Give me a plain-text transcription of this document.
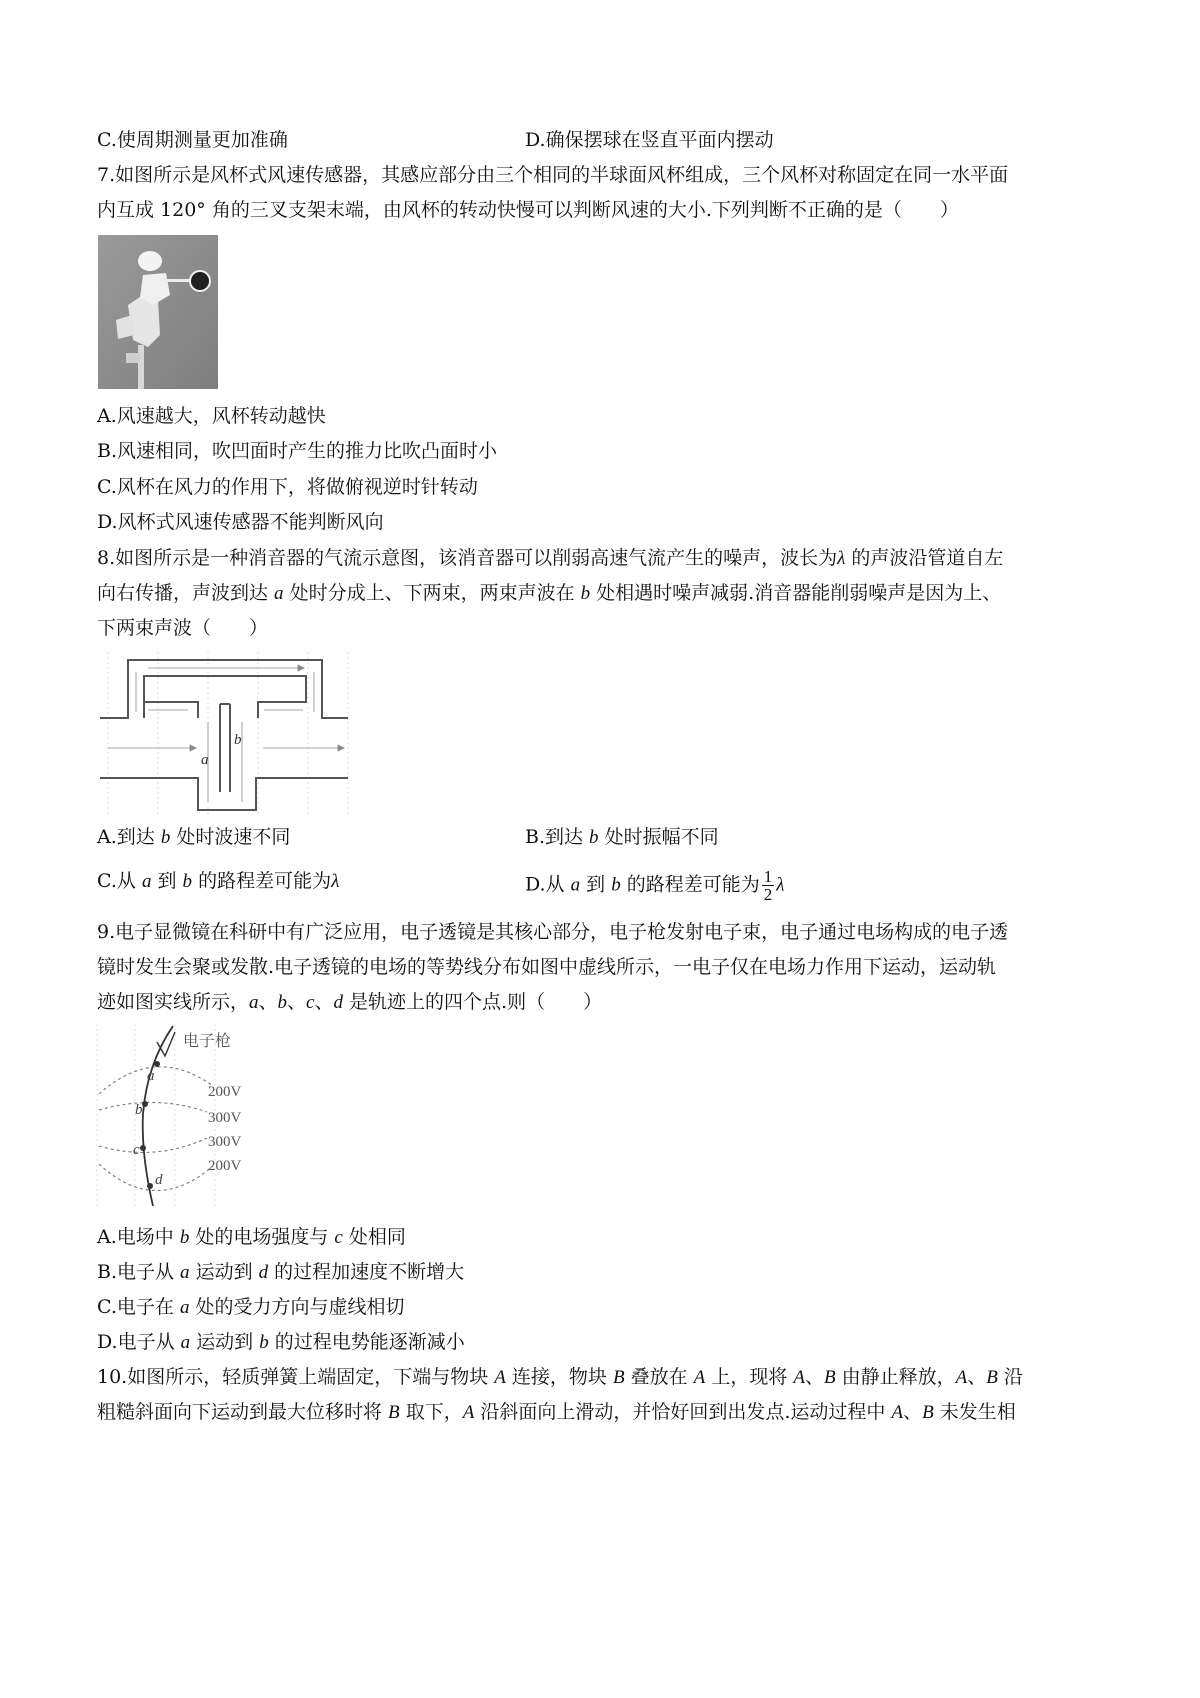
C.使周期测量更加准确	D.确保摆球在竖直平面内摆动
7.如图所示是风杯式风速传感器，其感应部分由三个相同的半球面风杯组成，三个风杯对称固定在同一水平面
内互成 120° 角的三叉支架末端，由风杯的转动快慢可以判断风速的大小.下列判断不正确的是（　　）
A.风速越大，风杯转动越快
B.风速相同，吹凹面时产生的推力比吹凸面时小
C.风杯在风力的作用下，将做俯视逆时针转动
D.风杯式风速传感器不能判断风向
8.如图所示是一种消音器的气流示意图，该消音器可以削弱高速气流产生的噪声，波长为λ 的声波沿管道自左
向右传播，声波到达 a 处时分成上、下两束，两束声波在 b 处相遇时噪声减弱.消音器能削弱噪声是因为上、
下两束声波（　　）
a
b
A.到达 b 处时波速不同	B.到达 b 处时振幅不同
C.从 a 到 b 的路程差可能为λ	D.从 a 到 b 的路程差可能为 $\frac{1}{2}$ λ
9.电子显微镜在科研中有广泛应用，电子透镜是其核心部分，电子枪发射电子束，电子通过电场构成的电子透
镜时发生会聚或发散.电子透镜的电场的等势线分布如图中虚线所示，一电子仅在电场力作用下运动，运动轨
迹如图实线所示，a、b、c、d 是轨迹上的四个点.则（　　）
a
b
c
d
电子枪
200V
300V
300V
200V
A.电场中 b 处的电场强度与 c 处相同
B.电子从 a 运动到 d 的过程加速度不断增大
C.电子在 a 处的受力方向与虚线相切
D.电子从 a 运动到 b 的过程电势能逐渐减小
10.如图所示，轻质弹簧上端固定，下端与物块 A 连接，物块 B 叠放在 A 上，现将 A、B 由静止释放，A、B 沿
粗糙斜面向下运动到最大位移时将 B 取下，A 沿斜面向上滑动，并恰好回到出发点.运动过程中 A、B 未发生相
